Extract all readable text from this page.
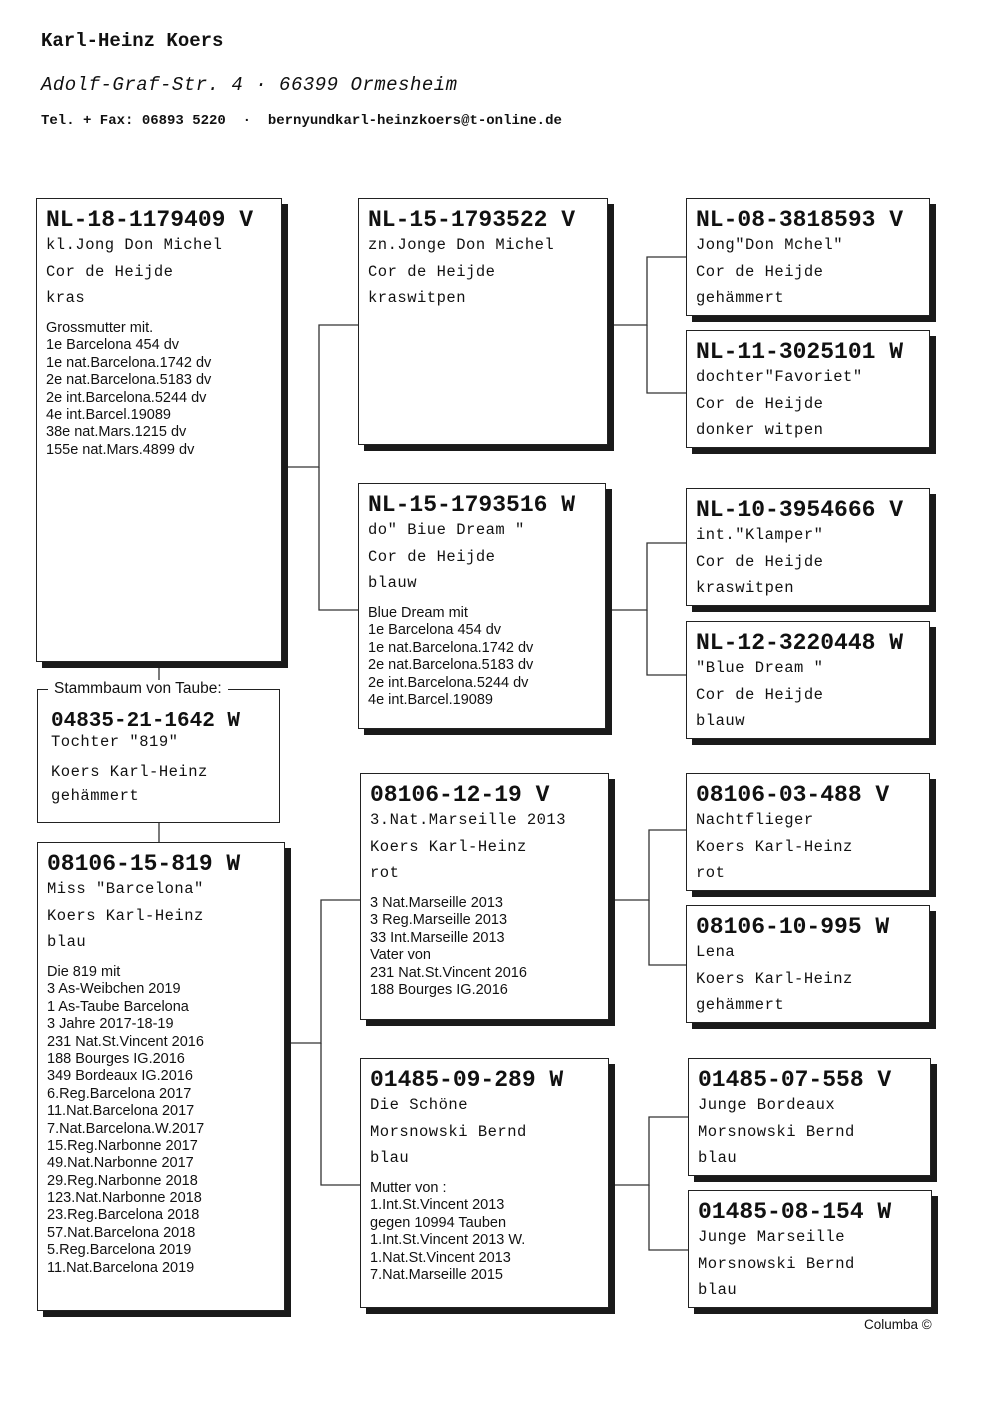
Karl-Heinz Koers
Adolf-Graf-Str. 4 · 66399 Ormesheim
Tel. + Fax: 06893 5220  ·  bernyundkarl-heinzkoers@t-online.de
NL-18-1179409 V
kl.Jong Don Michel
Cor de Heijde
kras
Grossmutter mit.
1e Barcelona 454 dv
1e nat.Barcelona.1742 dv
2e nat.Barcelona.5183 dv
2e int.Barcelona.5244 dv
4e int.Barcel.19089
38e nat.Mars.1215 dv
155e nat.Mars.4899 dv
Stammbaum von Taube:
04835-21-1642 W
Tochter "819"
Koers Karl-Heinz
gehämmert
08106-15-819 W
Miss "Barcelona"
Koers Karl-Heinz
blau
Die 819 mit
3 As-Weibchen 2019
1 As-Taube Barcelona
3 Jahre 2017-18-19
231 Nat.St.Vincent 2016
188 Bourges IG.2016
349 Bordeaux IG.2016
6.Reg.Barcelona 2017
11.Nat.Barcelona 2017
7.Nat.Barcelona.W.2017
15.Reg.Narbonne 2017
49.Nat.Narbonne 2017
29.Reg.Narbonne 2018
123.Nat.Narbonne 2018
23.Reg.Barcelona 2018
57.Nat.Barcelona 2018
5.Reg.Barcelona 2019
11.Nat.Barcelona 2019
NL-15-1793522 V
zn.Jonge Don Michel
Cor de Heijde
kraswitpen
NL-15-1793516 W
do" Biue Dream "
Cor de Heijde
blauw
Blue Dream mit
1e Barcelona 454 dv
1e nat.Barcelona.1742 dv
2e nat.Barcelona.5183 dv
2e int.Barcelona.5244 dv
4e int.Barcel.19089
08106-12-19 V
3.Nat.Marseille 2013
Koers Karl-Heinz
rot
3 Nat.Marseille 2013
3 Reg.Marseille 2013
33 Int.Marseille 2013
Vater von
231 Nat.St.Vincent 2016
188 Bourges IG.2016
01485-09-289 W
Die Schöne
Morsnowski Bernd
blau
Mutter von :
1.Int.St.Vincent 2013
gegen 10994 Tauben
1.Int.St.Vincent 2013 W.
1.Nat.St.Vincent 2013
7.Nat.Marseille 2015
NL-08-3818593 V
Jong"Don Mchel"
Cor de Heijde
gehämmert
NL-11-3025101 W
dochter"Favoriet"
Cor de Heijde
donker witpen
NL-10-3954666 V
int."Klamper"
Cor de Heijde
kraswitpen
NL-12-3220448 W
"Blue Dream "
Cor de Heijde
blauw
08106-03-488 V
Nachtflieger
Koers Karl-Heinz
rot
08106-10-995 W
Lena
Koers Karl-Heinz
gehämmert
01485-07-558 V
Junge Bordeaux
Morsnowski Bernd
blau
01485-08-154 W
Junge Marseille
Morsnowski Bernd
blau
Columba ©
